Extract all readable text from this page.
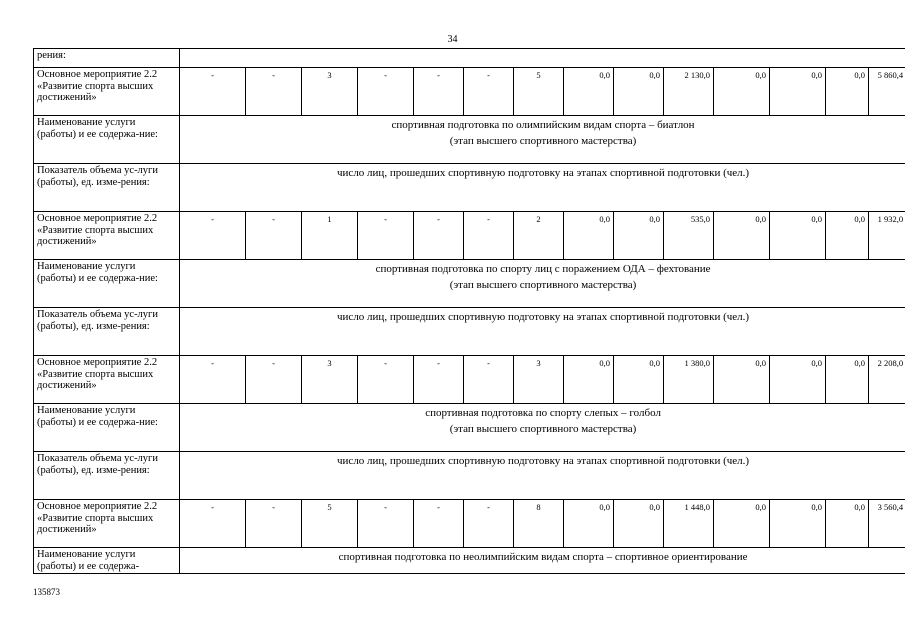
34
рения:														
Основное мероприятие 2.2 «Развитие спорта высших достижений»	-	-	3	-	-	-	5	0,0	0,0	2 130,0	0,0	0,0	0,0	5 860,4
Наименование услуги (работы) и ее содержа-ние:	спортивная подготовка по олимпийским видам спорта – биатлон
(этап высшего спортивного мастерства)													

Показатель объема ус-луги (работы), ед. изме-рения:	число лиц, прошедших спортивную подготовку на этапах спортивной подготовки (чел.)													

Основное мероприятие 2.2 «Развитие спорта высших достижений»	-	-	1	-	-	-	2	0,0	0,0	535,0	0,0	0,0	0,0	1 932,0
Наименование услуги (работы) и ее содержа-ние:	спортивная подготовка по спорту лиц с поражением ОДА – фехтование
(этап высшего спортивного мастерства)													

Показатель объема ус-луги (работы), ед. изме-рения:	число лиц, прошедших спортивную подготовку на этапах спортивной подготовки (чел.)													

Основное мероприятие 2.2 «Развитие спорта высших достижений»	-	-	3	-	-	-	3	0,0	0,0	1 380,0	0,0	0,0	0,0	2 208,0
Наименование услуги (работы) и ее содержа-ние:	спортивная подготовка по спорту слепых – голбол
(этап высшего спортивного мастерства)													

Показатель объема ус-луги (работы), ед. изме-рения:	число лиц, прошедших спортивную подготовку на этапах спортивной подготовки (чел.)													

Основное мероприятие 2.2 «Развитие спорта высших достижений»	-	-	5	-	-	-	8	0,0	0,0	1 448,0	0,0	0,0	0,0	3 560,4
Наименование услуги (работы) и ее содержа-	спортивная подготовка по неолимпийским видам спорта – спортивное ориентирование													
135873
